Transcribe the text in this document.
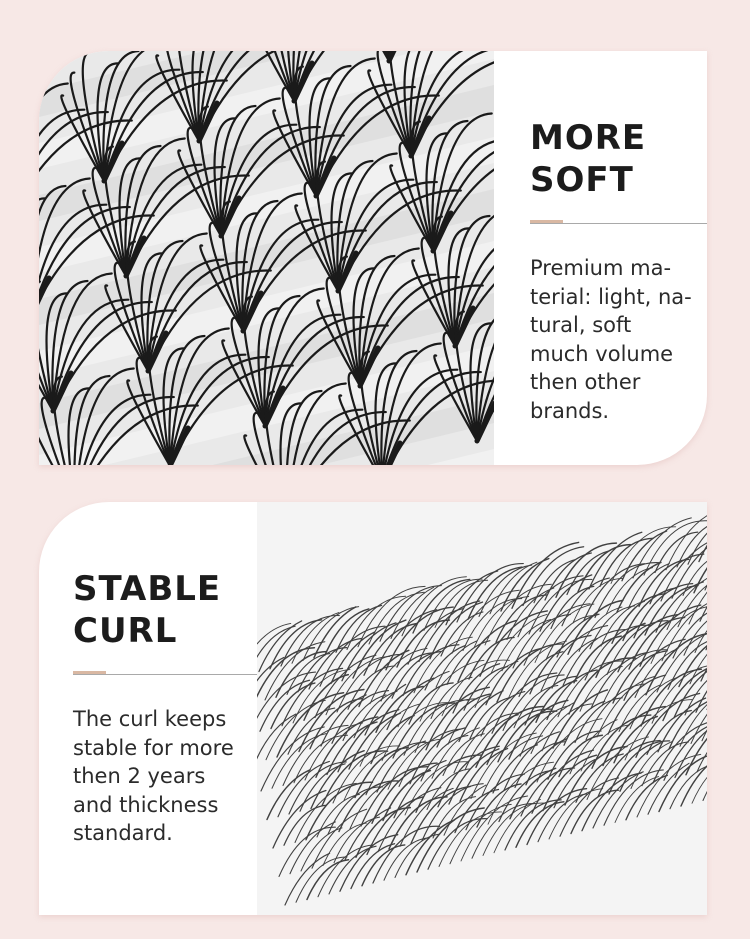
MORE
SOFT

Premium ma-
terial: light, na-
tural, soft
much volume
then other
brands.

STABLE
CURL

The curl keeps
stable for more
then 2 years
and thickness
standard.
